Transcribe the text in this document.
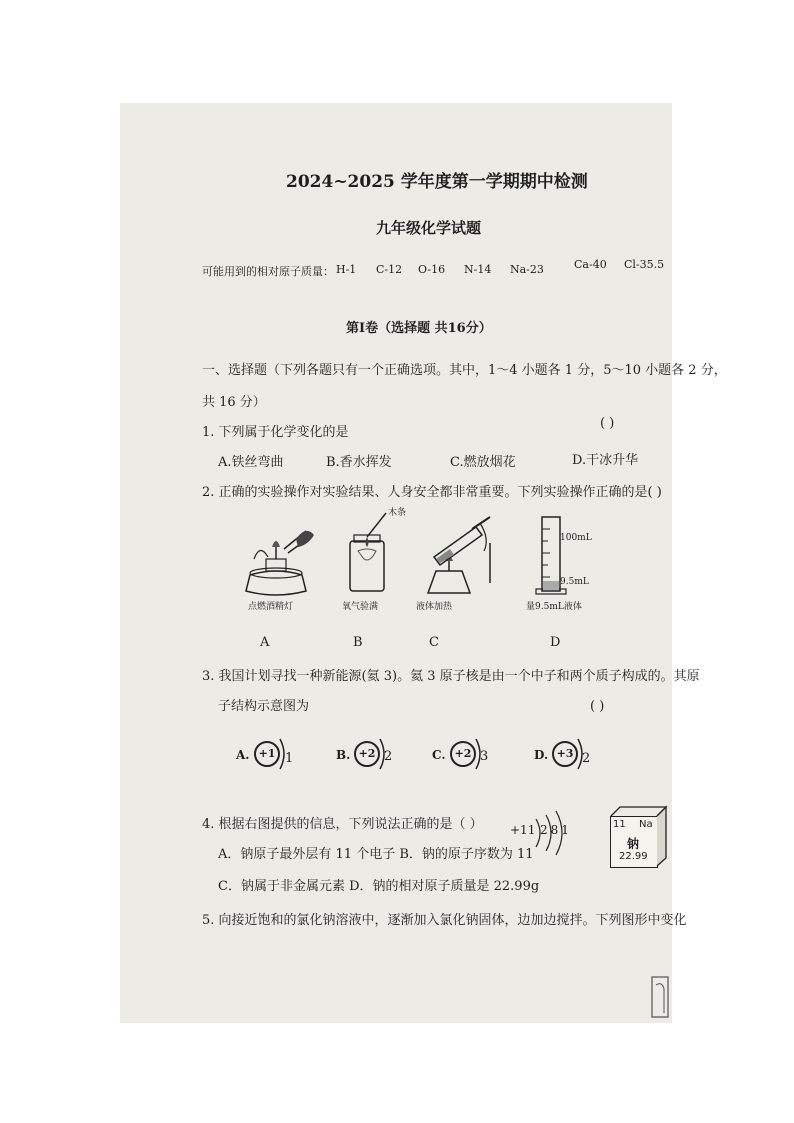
2024~2025 学年度第一学期期中检测
九年级化学试题
可能用到的相对原子质量： H-1 C-12 O-16 N-14 Na-23	Ca-40 Cl-35.5
第Ⅰ卷（选择题 共16分）
一、选择题（下列各题只有一个正确选项。其中，1～4 小题各 1 分，5～10 小题各 2 分，
共 16 分）
1. 下列属于化学变化的是
( )
A.铁丝弯曲	B.香水挥发	C.燃放烟花	D.干冰升华
2. 正确的实验操作对实验结果、人身安全都非常重要。下列实验操作正确的是( )
点燃酒精灯
木条
氧气验满	液体加热
100mL
9.5mL
量9.5mL液体
A	B	C	D
3. 我国计划寻找一种新能源(氦 3)。氦 3 原子核是由一个中子和两个质子构成的。其原
子结构示意图为	( )
A. +1 1	B. +2 2	C. +2 3	D. +3 2
4. 根据右图提供的信息，下列说法正确的是（ ） +11 281	11 Na
钠
22.99
A．钠原子最外层有 11 个电子 B．钠的原子序数为 11
C．钠属于非金属元素 D．钠的相对原子质量是 22.99g
5. 向接近饱和的氯化钠溶液中，逐渐加入氯化钠固体，边加边搅拌。下列图形中变化
